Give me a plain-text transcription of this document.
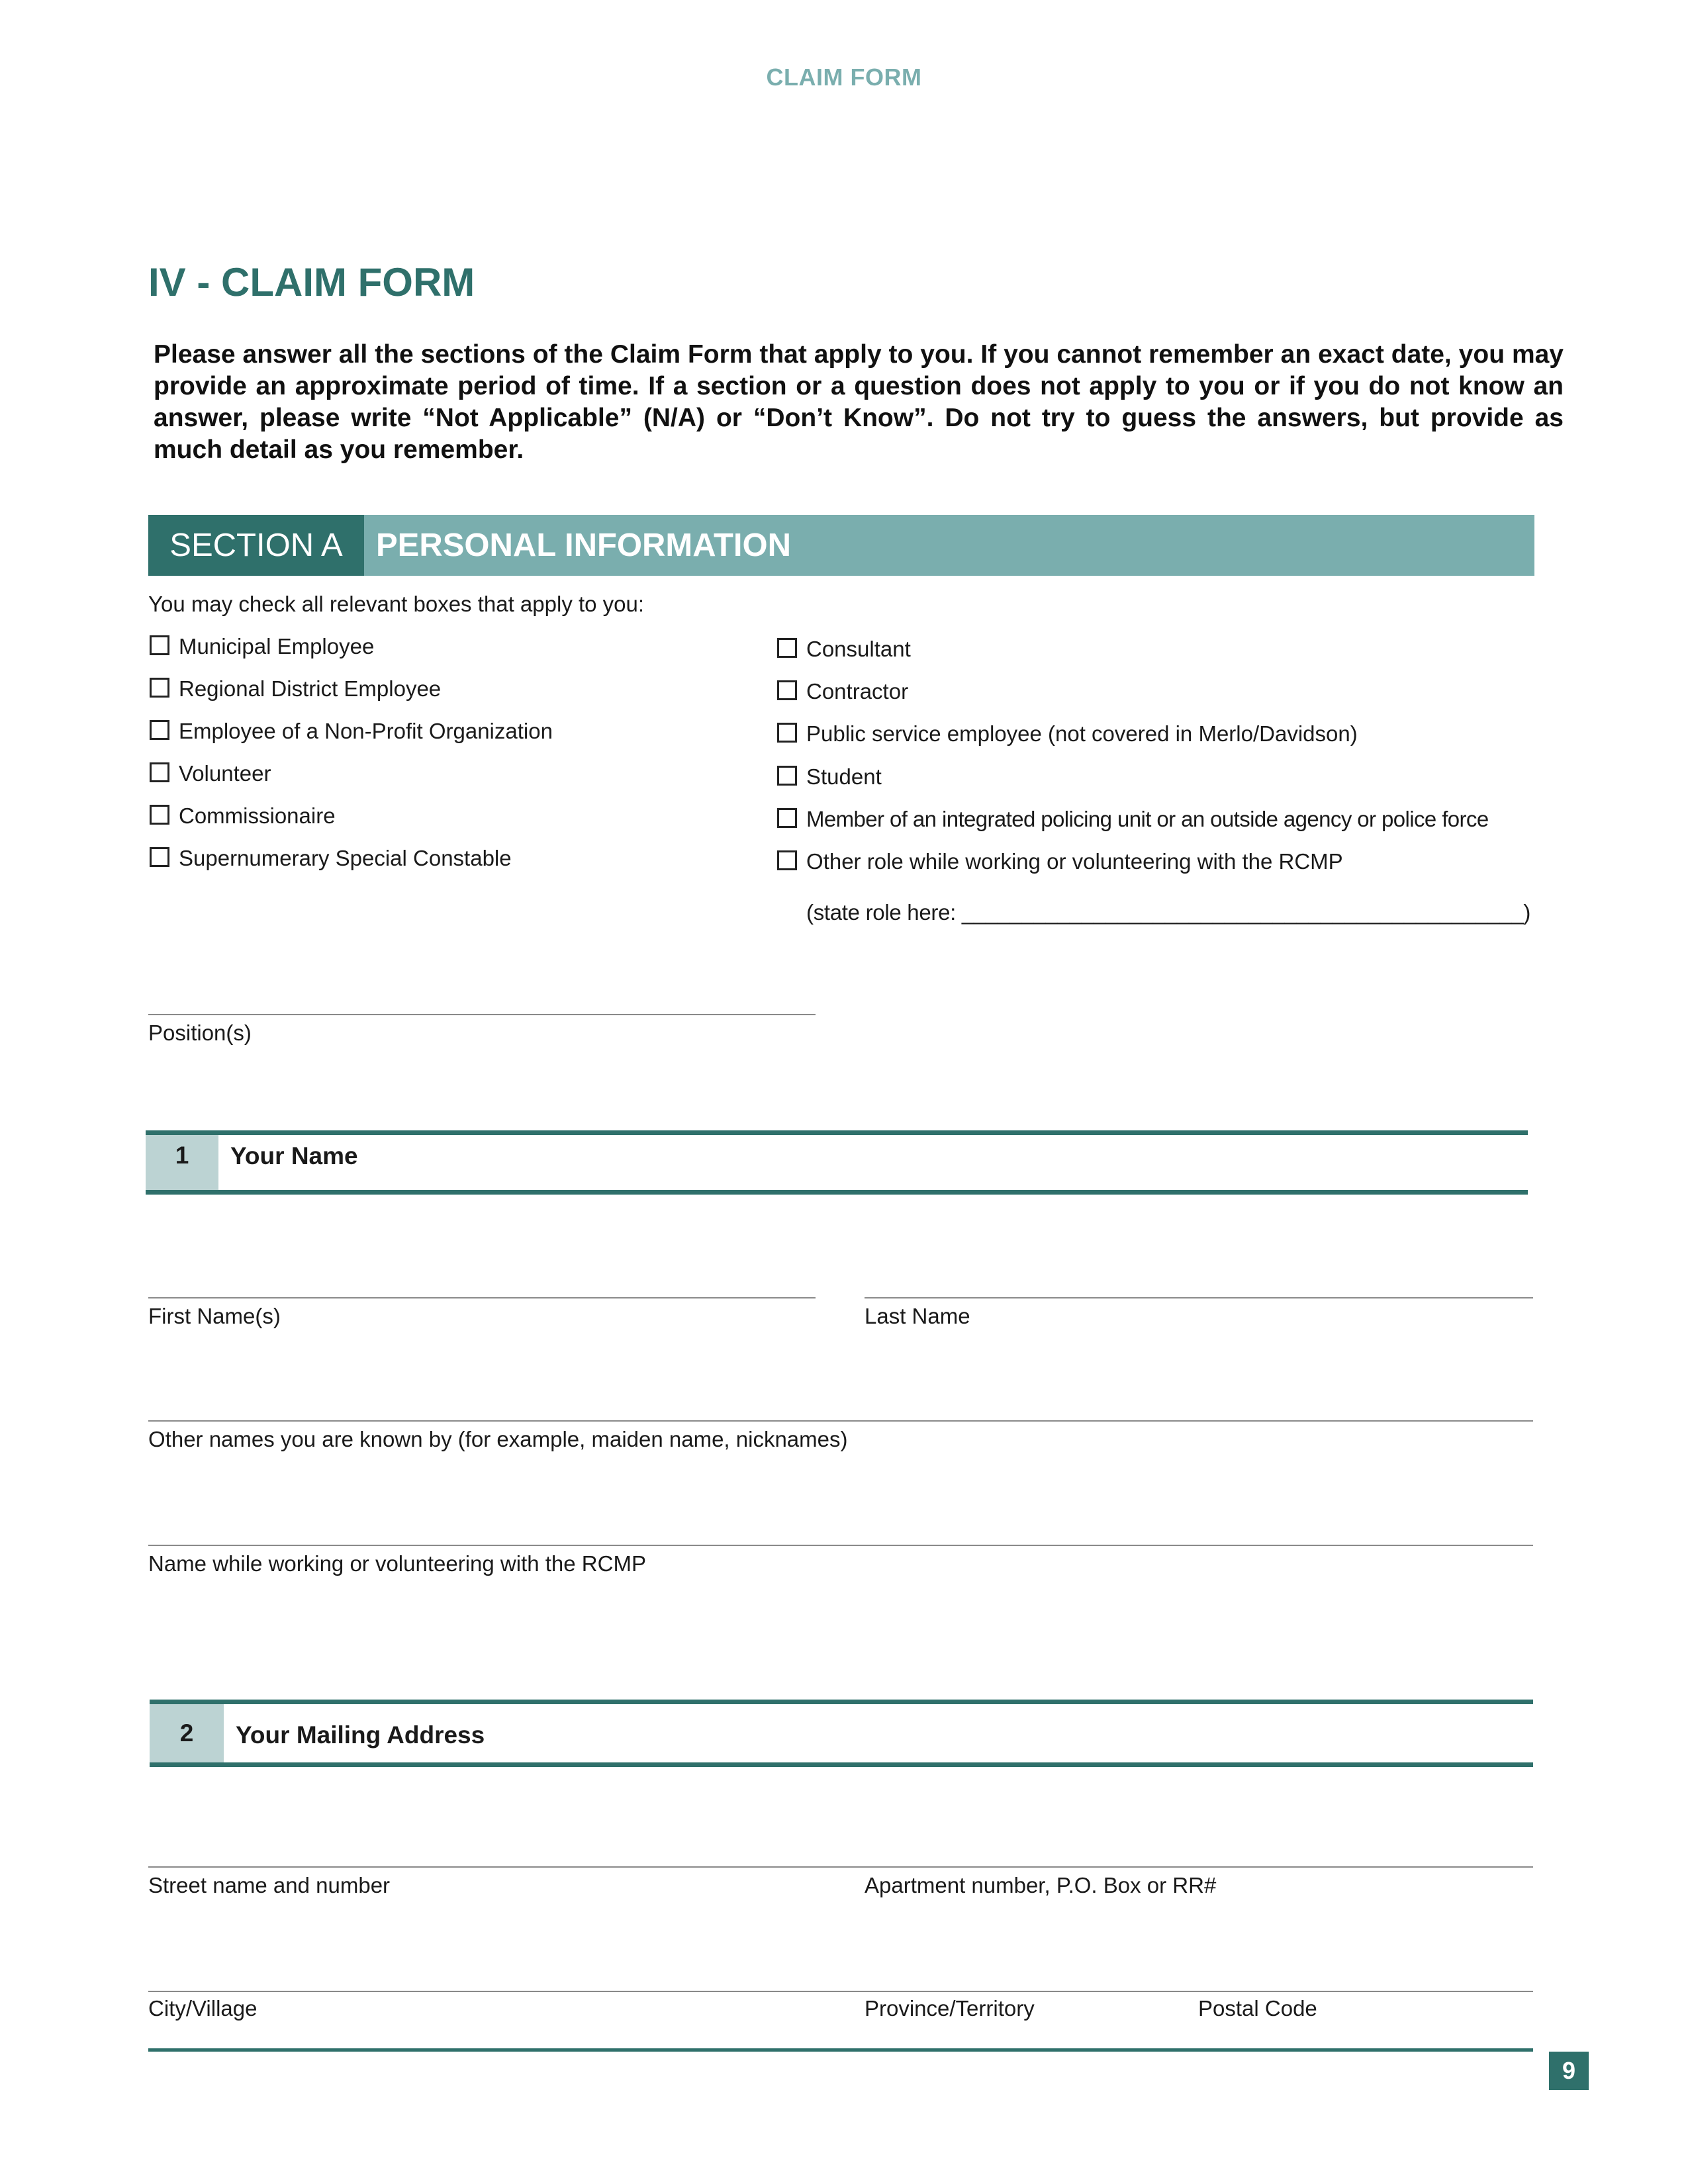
CLAIM FORM
IV - CLAIM FORM
Please answer all the sections of the Claim Form that apply to you. If you cannot remember an exact date, you may provide an approximate period of time. If a section or a question does not apply to you or if you do not know an answer, please write “Not Applicable” (N/A) or “Don’t Know”. Do not try to guess the answers, but provide as much detail as you remember.
SECTION A	PERSONAL INFORMATION
You may check all relevant boxes that apply to you:
Municipal Employee
Regional District Employee
Employee of a Non-Profit Organization
Volunteer
Commissionaire
Supernumerary Special Constable
Consultant
Contractor
Public service employee (not covered in Merlo/Davidson)
Student
Member of an integrated policing unit or an outside agency or police force
Other role while working or volunteering with the RCMP
(state role here: _______________________________________________)
Position(s)
1	Your Name
First Name(s)	Last Name
Other names you are known by (for example, maiden name, nicknames)
Name while working or volunteering with the RCMP
2	Your Mailing Address
Street name and number	Apartment number, P.O. Box or RR#
City/Village	Province/Territory	Postal Code
9
